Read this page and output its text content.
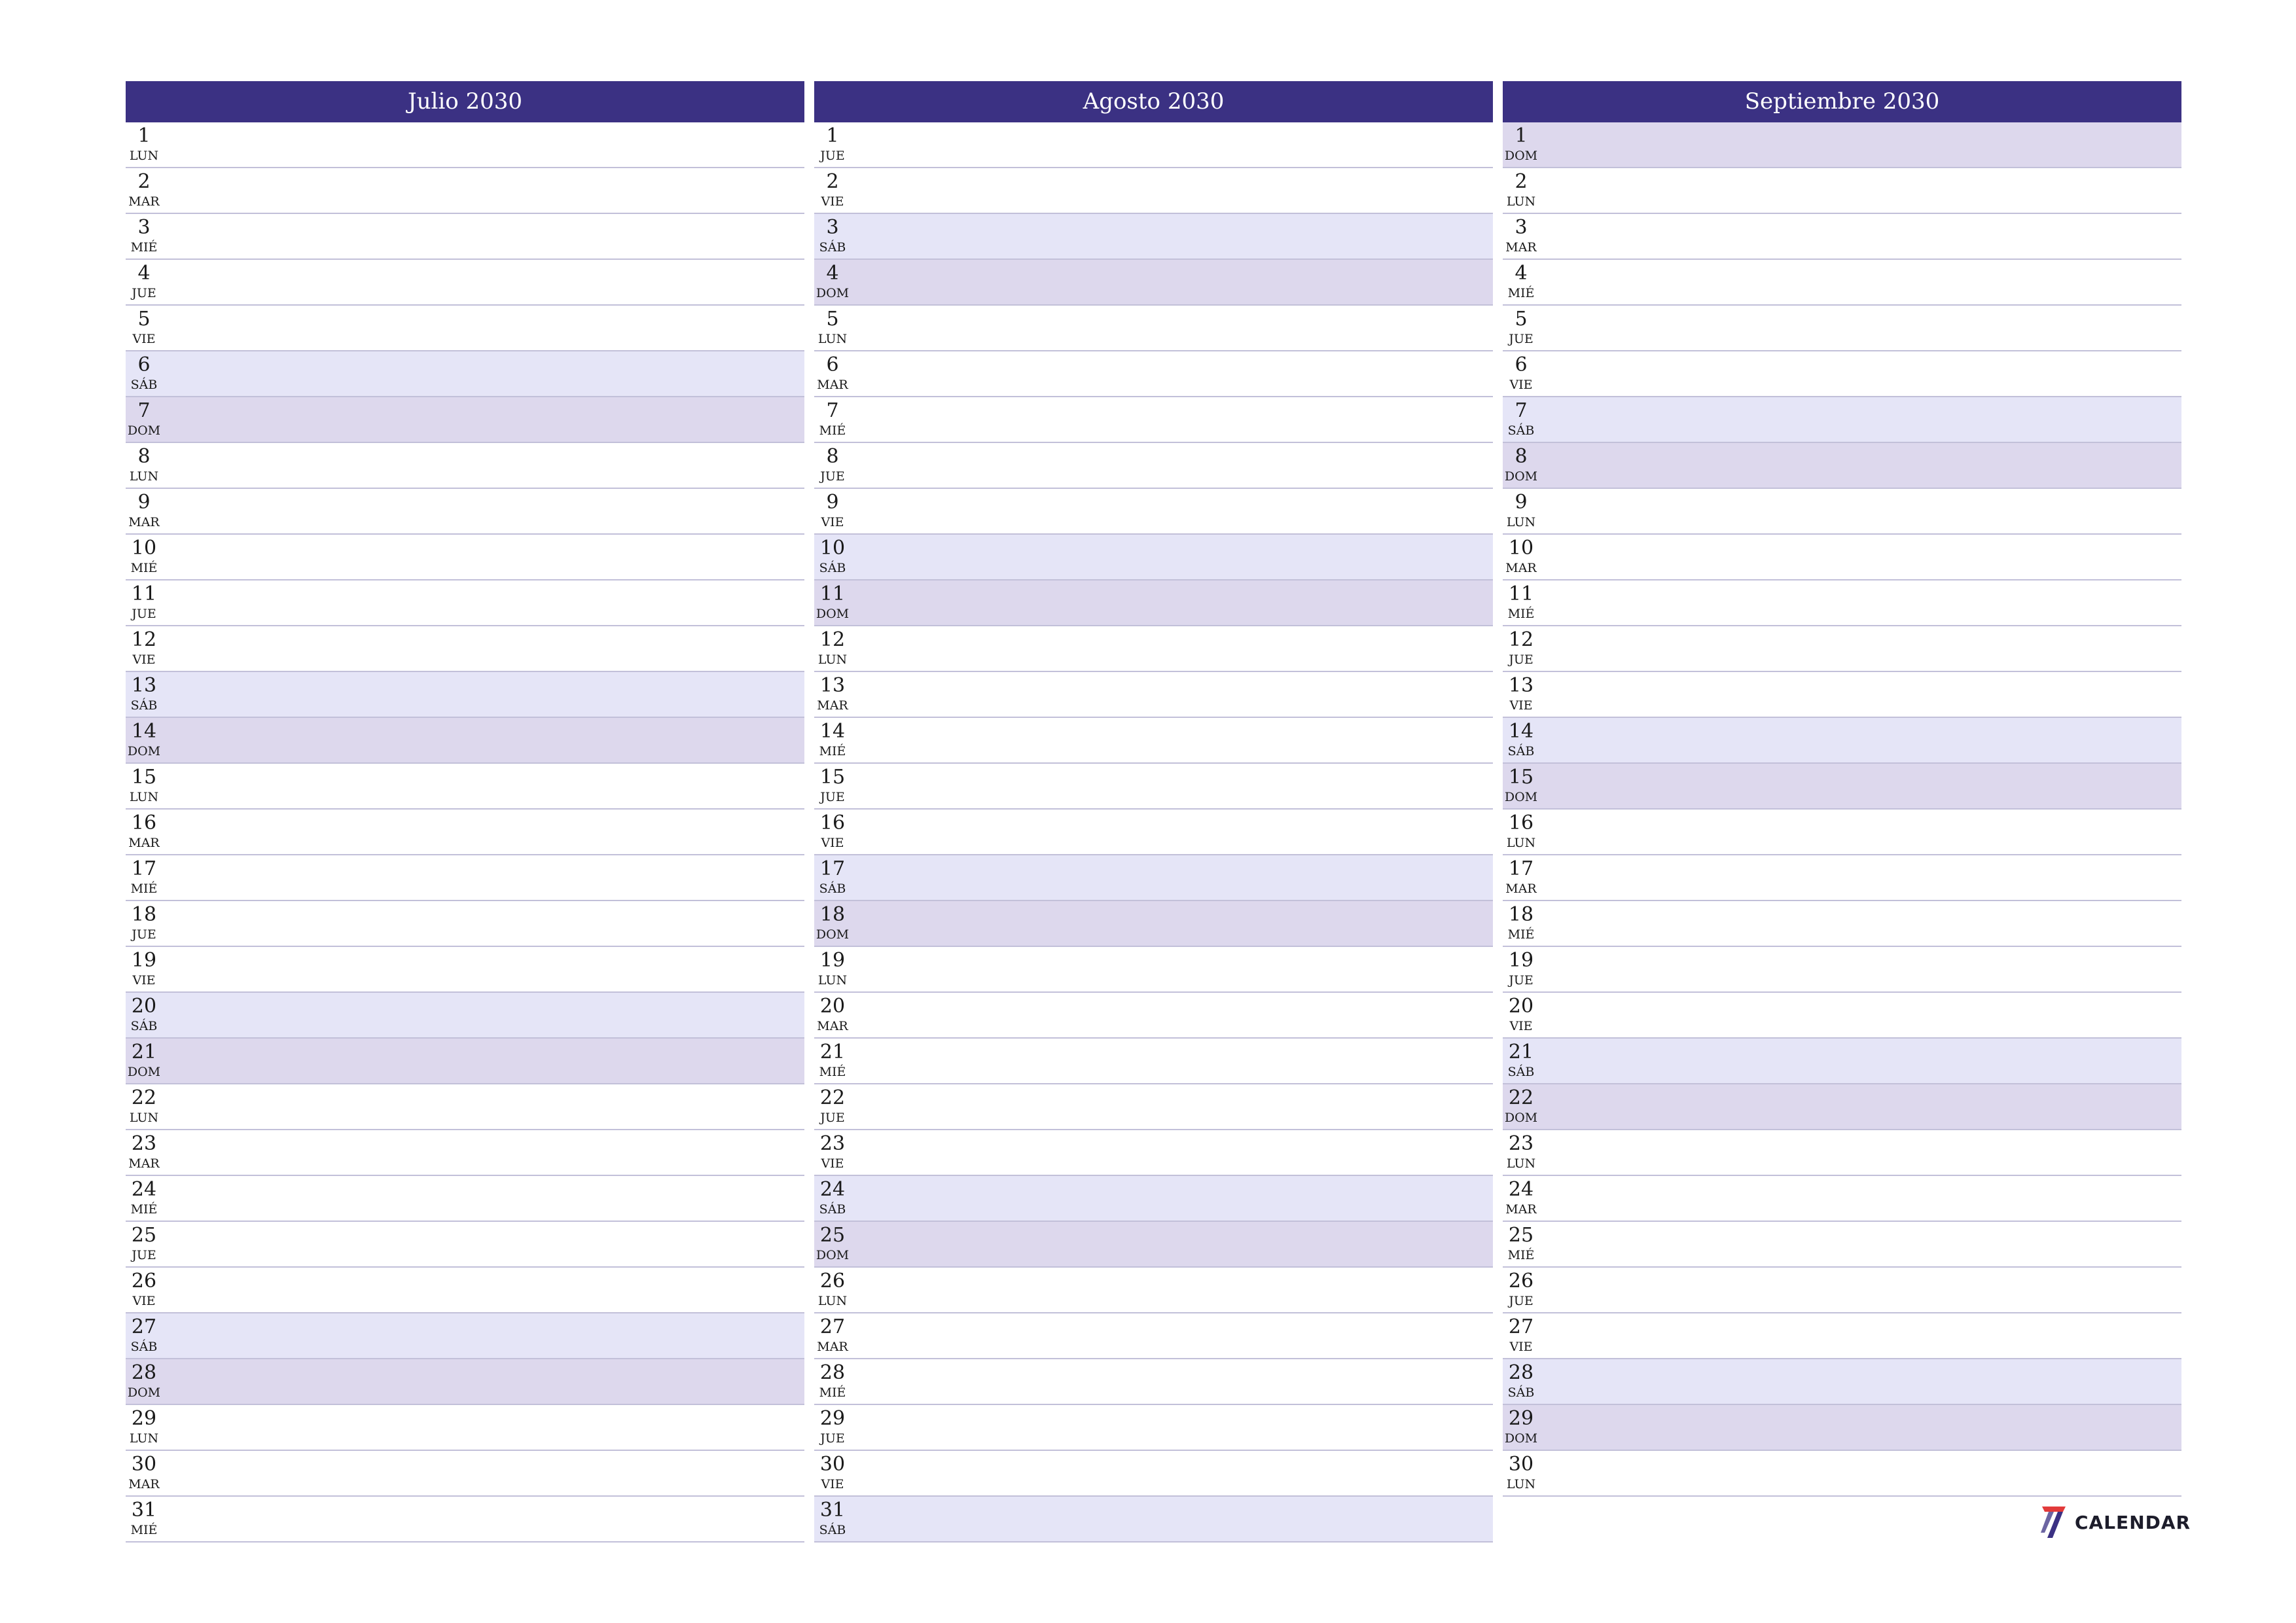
Julio 2030
1
LUN
2
MAR
3
MIÉ
4
JUE
5
VIE
6
SÁB
7
DOM
8
LUN
9
MAR
10
MIÉ
11
JUE
12
VIE
13
SÁB
14
DOM
15
LUN
16
MAR
17
MIÉ
18
JUE
19
VIE
20
SÁB
21
DOM
22
LUN
23
MAR
24
MIÉ
25
JUE
26
VIE
27
SÁB
28
DOM
29
LUN
30
MAR
31
MIÉ
Agosto 2030
1
JUE
2
VIE
3
SÁB
4
DOM
5
LUN
6
MAR
7
MIÉ
8
JUE
9
VIE
10
SÁB
11
DOM
12
LUN
13
MAR
14
MIÉ
15
JUE
16
VIE
17
SÁB
18
DOM
19
LUN
20
MAR
21
MIÉ
22
JUE
23
VIE
24
SÁB
25
DOM
26
LUN
27
MAR
28
MIÉ
29
JUE
30
VIE
31
SÁB
Septiembre 2030
1
DOM
2
LUN
3
MAR
4
MIÉ
5
JUE
6
VIE
7
SÁB
8
DOM
9
LUN
10
MAR
11
MIÉ
12
JUE
13
VIE
14
SÁB
15
DOM
16
LUN
17
MAR
18
MIÉ
19
JUE
20
VIE
21
SÁB
22
DOM
23
LUN
24
MAR
25
MIÉ
26
JUE
27
VIE
28
SÁB
29
DOM
30
LUN
CALENDAR
